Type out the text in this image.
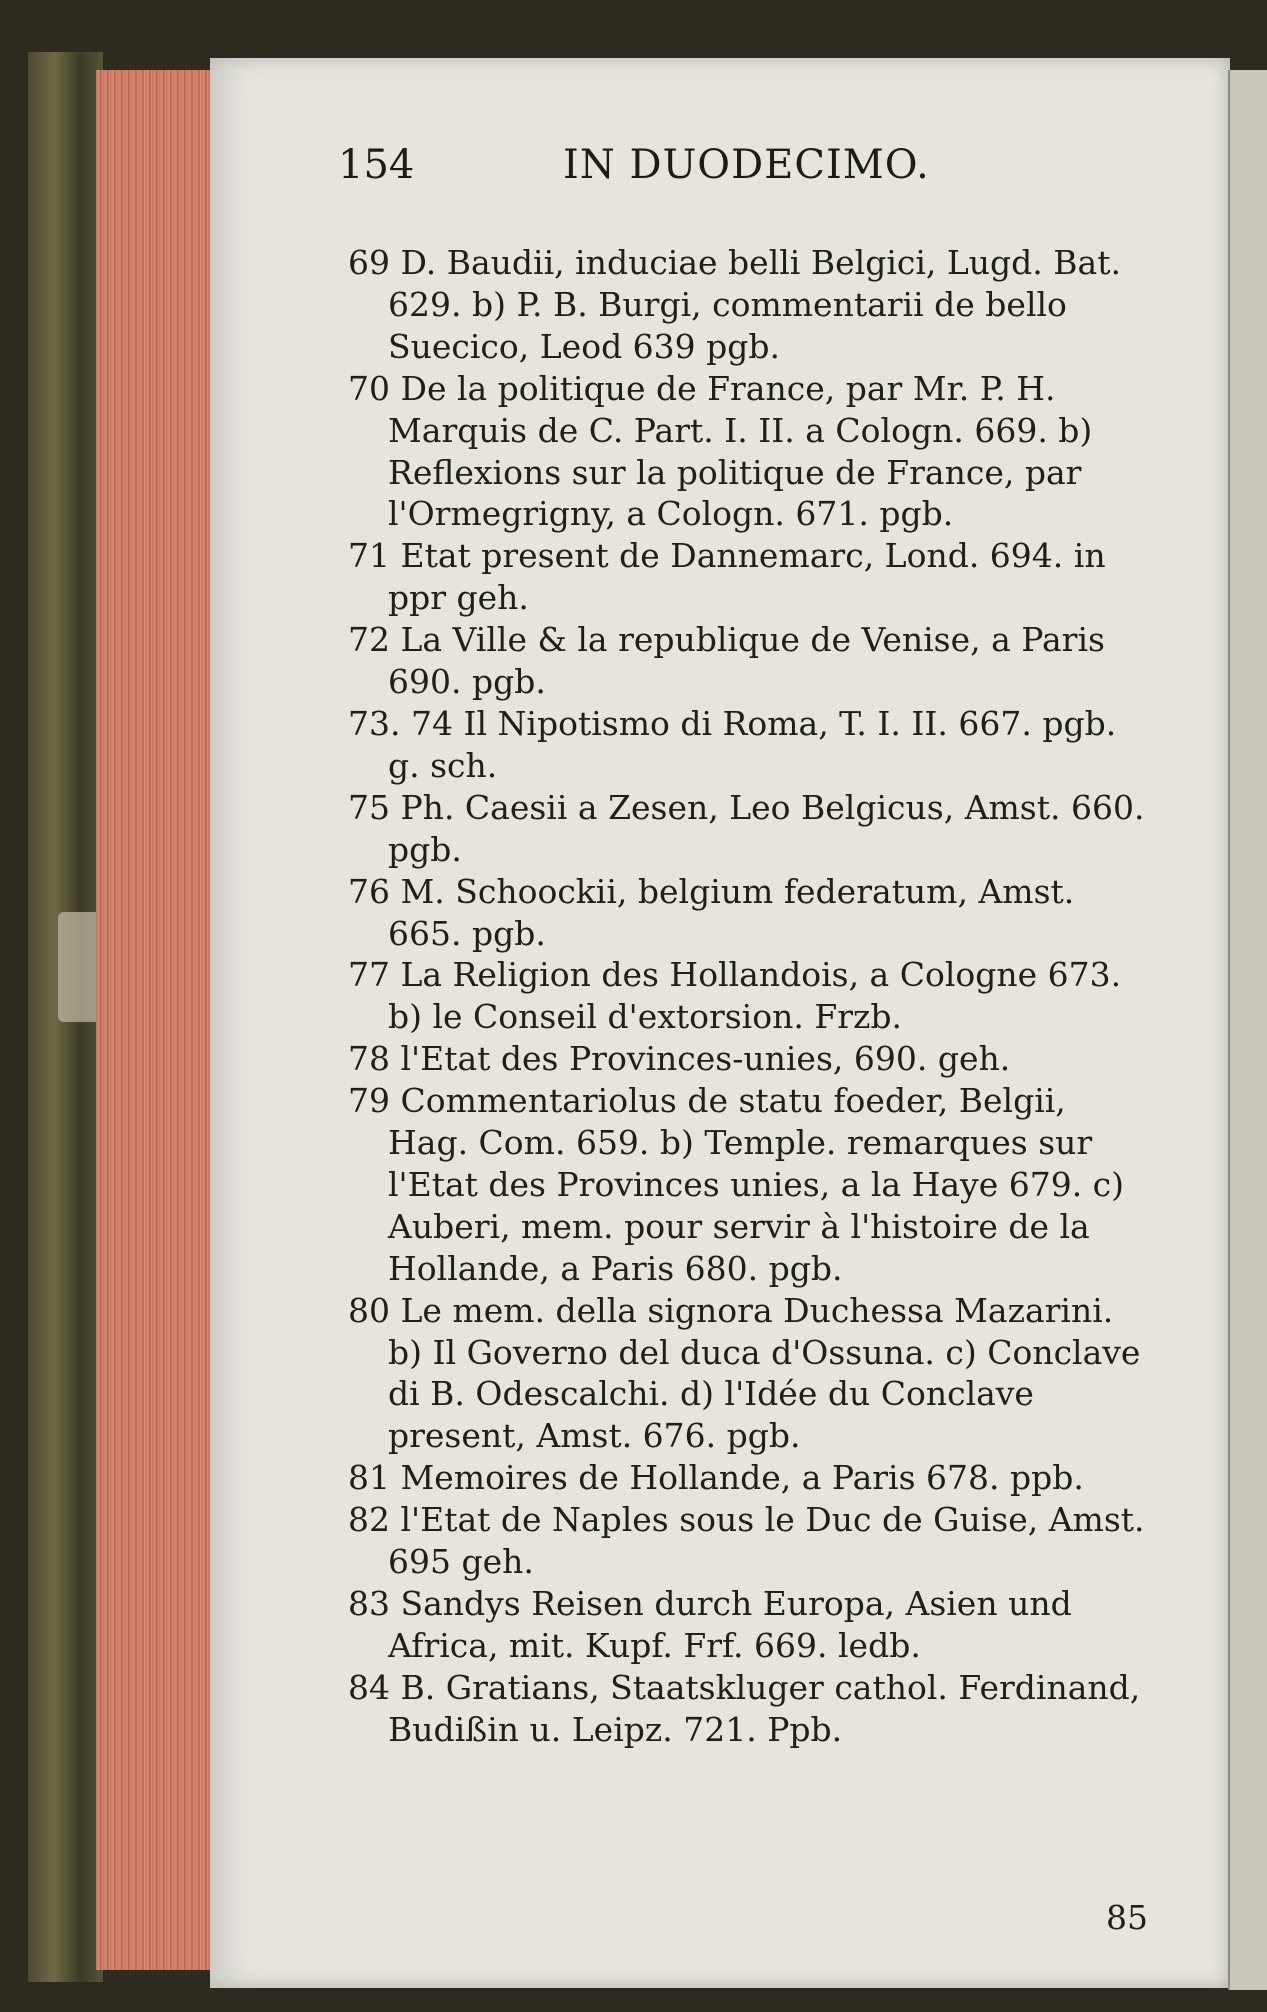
154	IN DUODECIMO.

69 D. Baudii, induciae belli Belgici, Lugd. Bat. 629. b) P. B. Burgi, commentarii de bello Suecico, Leod 639 pgb.

70 De la politique de France, par Mr. P. H. Marquis de C. Part. I. II. a Cologn. 669. b) Reflexions sur la politique de France, par l'Ormegrigny, a Cologn. 671. pgb.

71 Etat present de Dannemarc, Lond. 694. in ppr geh.

72 La Ville & la republique de Venise, a Paris 690. pgb.

73. 74 Il Nipotismo di Roma, T. I. II. 667. pgb. g. sch.

75 Ph. Caesii a Zesen, Leo Belgicus, Amst. 660. pgb.

76 M. Schoockii, belgium federatum, Amst. 665. pgb.

77 La Religion des Hollandois, a Cologne 673. b) le Conseil d'extorsion. Frzb.

78 l'Etat des Provinces-unies, 690. geh.

79 Commentariolus de statu foeder, Belgii, Hag. Com. 659. b) Temple. remarques sur l'Etat des Provinces unies, a la Haye 679. c) Auberi, mem. pour servir à l'histoire de la Hollande, a Paris 680. pgb.

80 Le mem. della signora Duchessa Mazarini. b) Il Governo del duca d'Ossuna. c) Conclave di B. Odescalchi. d) l'Idée du Conclave present, Amst. 676. pgb.

81 Memoires de Hollande, a Paris 678. ppb.

82 l'Etat de Naples sous le Duc de Guise, Amst. 695 geh.

83 Sandys Reisen durch Europa, Asien und Africa, mit. Kupf. Frf. 669. ledb.

84 B. Gratians, Staatskluger cathol. Ferdinand, Budißin u. Leipz. 721. Ppb.

85
